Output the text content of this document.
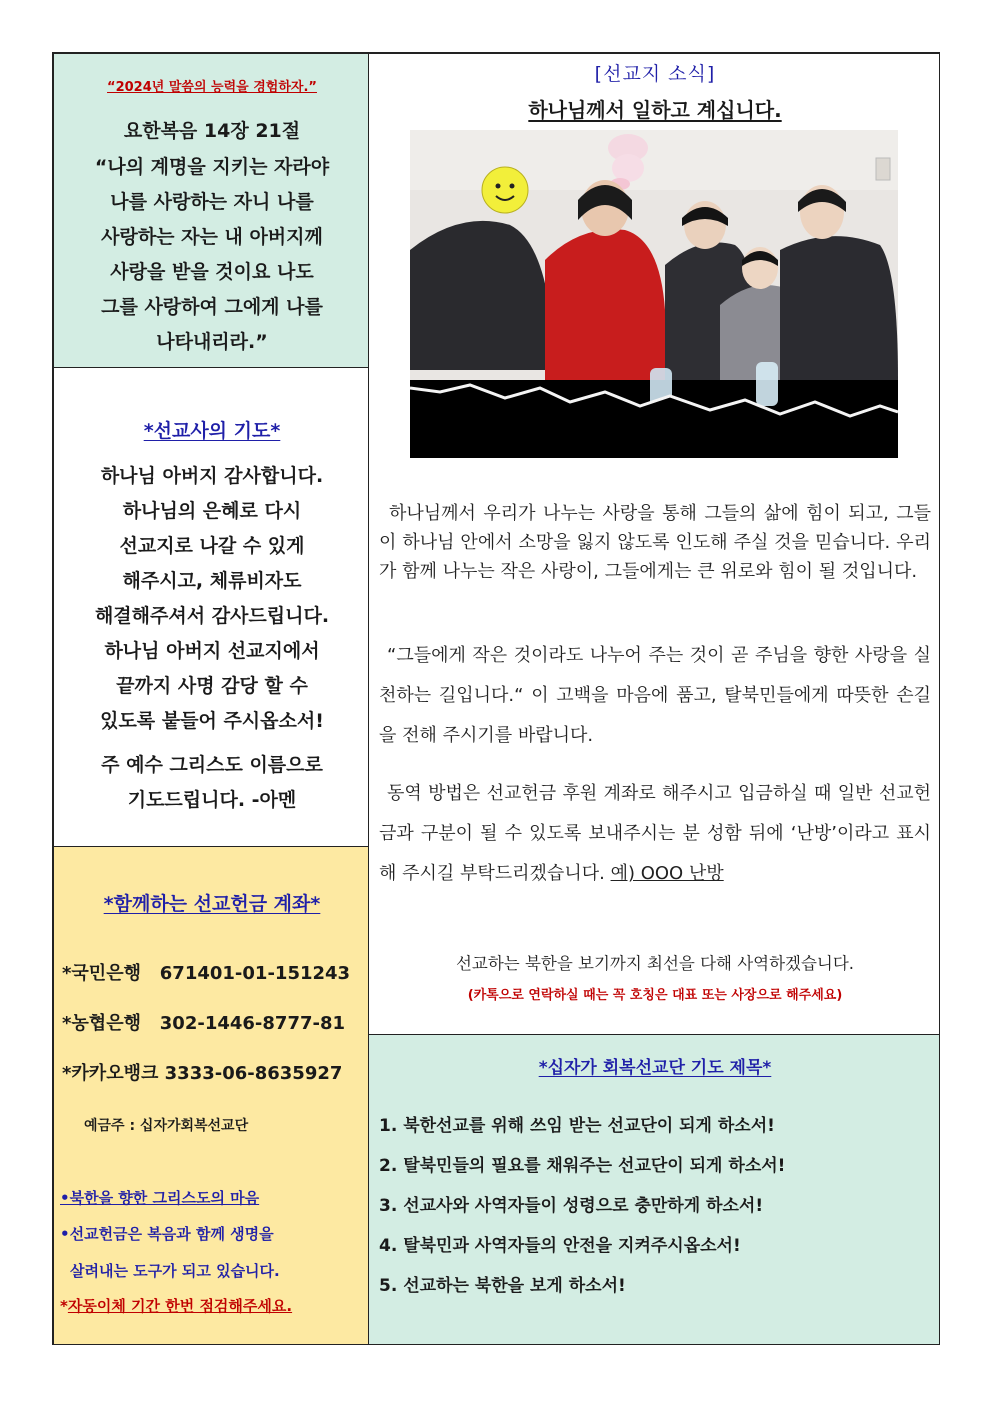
“2024년 말씀의 능력을 경험하자.”
요한복음 14장 21절
“나의 계명을 지키는 자라야
나를 사랑하는 자니 나를
사랑하는 자는 내 아버지께
사랑을 받을 것이요 나도
그를 사랑하여 그에게 나를
나타내리라.”
*선교사의 기도*
하나님 아버지 감사합니다.
하나님의 은혜로 다시
선교지로 나갈 수 있게
해주시고, 체류비자도
해결해주셔서 감사드립니다.
하나님 아버지 선교지에서
끝까지 사명 감당 할 수
있도록 붙들어 주시옵소서!
주 예수 그리스도 이름으로
기도드립니다. -아멘
*함께하는 선교헌금 계좌*
*국민은행 671401-01-151243
*농협은행 302-1446-8777-81
*카카오뱅크 3333-06-8635927
예금주 : 십자가회복선교단
•북한을 향한 그리스도의 마음
•선교헌금은 복음과 함께 생명을
살려내는 도구가 되고 있습니다.
*자동이체 기간 한번 점검해주세요.
[선교지 소식]
하나님께서 일하고 계십니다.
하나님께서 우리가 나누는 사랑을 통해 그들의 삶에 힘이 되고, 그들이 하나님 안에서 소망을 잃지 않도록 인도해 주실 것을 믿습니다. 우리가 함께 나누는 작은 사랑이, 그들에게는 큰 위로와 힘이 될 것입니다.
“그들에게 작은 것이라도 나누어 주는 것이 곧 주님을 향한 사랑을 실천하는 길입니다.“ 이 고백을 마음에 품고, 탈북민들에게 따뜻한 손길을 전해 주시기를 바랍니다.
동역 방법은 선교헌금 후원 계좌로 해주시고 입금하실 때 일반 선교헌금과 구분이 될 수 있도록 보내주시는 분 성함 뒤에 ‘난방’이라고 표시해 주시길 부탁드리겠습니다. 예) OOO 난방
선교하는 북한을 보기까지 최선을 다해 사역하겠습니다.
(카톡으로 연락하실 때는 꼭 호칭은 대표 또는 사장으로 해주세요)
*십자가 회복선교단 기도 제목*
1. 북한선교를 위해 쓰임 받는 선교단이 되게 하소서!
2. 탈북민들의 필요를 채워주는 선교단이 되게 하소서!
3. 선교사와 사역자들이 성령으로 충만하게 하소서!
4. 탈북민과 사역자들의 안전을 지켜주시옵소서!
5. 선교하는 북한을 보게 하소서!
